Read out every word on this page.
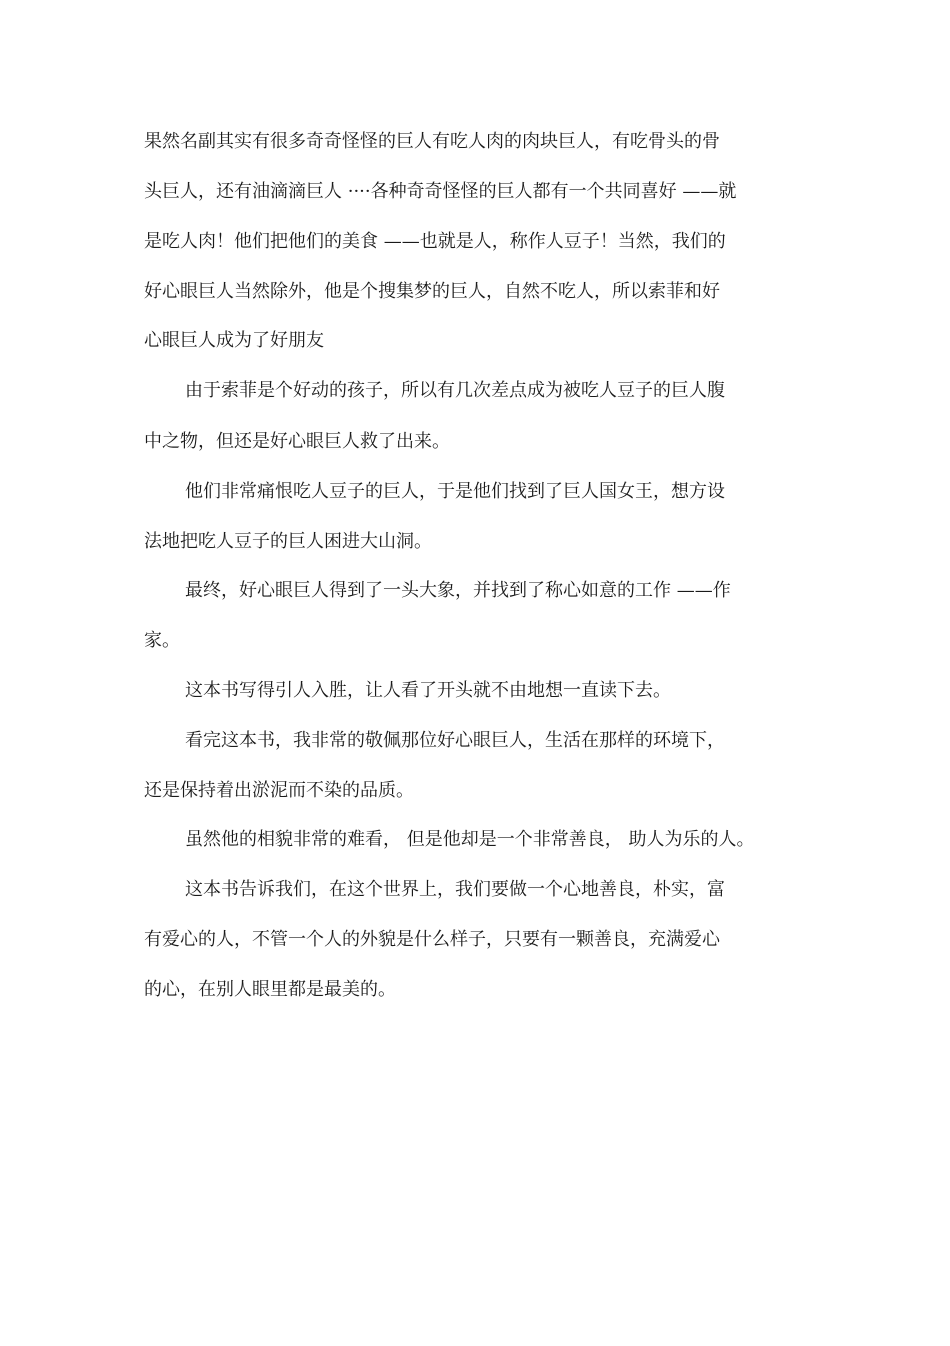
果然名副其实有很多奇奇怪怪的巨人有吃人肉的肉块巨人，有吃骨头的骨
头巨人，还有油滴滴巨人 ····各种奇奇怪怪的巨人都有一个共同喜好 ——就
是吃人肉！他们把他们的美食 ——也就是人，称作人豆子！当然，我们的
好心眼巨人当然除外，他是个搜集梦的巨人，自然不吃人，所以索菲和好
心眼巨人成为了好朋友
由于索菲是个好动的孩子，所以有几次差点成为被吃人豆子的巨人腹
中之物，但还是好心眼巨人救了出来。
他们非常痛恨吃人豆子的巨人，于是他们找到了巨人国女王，想方设
法地把吃人豆子的巨人困进大山洞。
最终，好心眼巨人得到了一头大象，并找到了称心如意的工作 ——作
家。
这本书写得引人入胜，让人看了开头就不由地想一直读下去。
看完这本书，我非常的敬佩那位好心眼巨人，生活在那样的环境下，
还是保持着出淤泥而不染的品质。
虽然他的相貌非常的难看， 但是他却是一个非常善良， 助人为乐的人。
这本书告诉我们，在这个世界上，我们要做一个心地善良，朴实，富
有爱心的人，不管一个人的外貌是什么样子，只要有一颗善良，充满爱心
的心，在别人眼里都是最美的。
